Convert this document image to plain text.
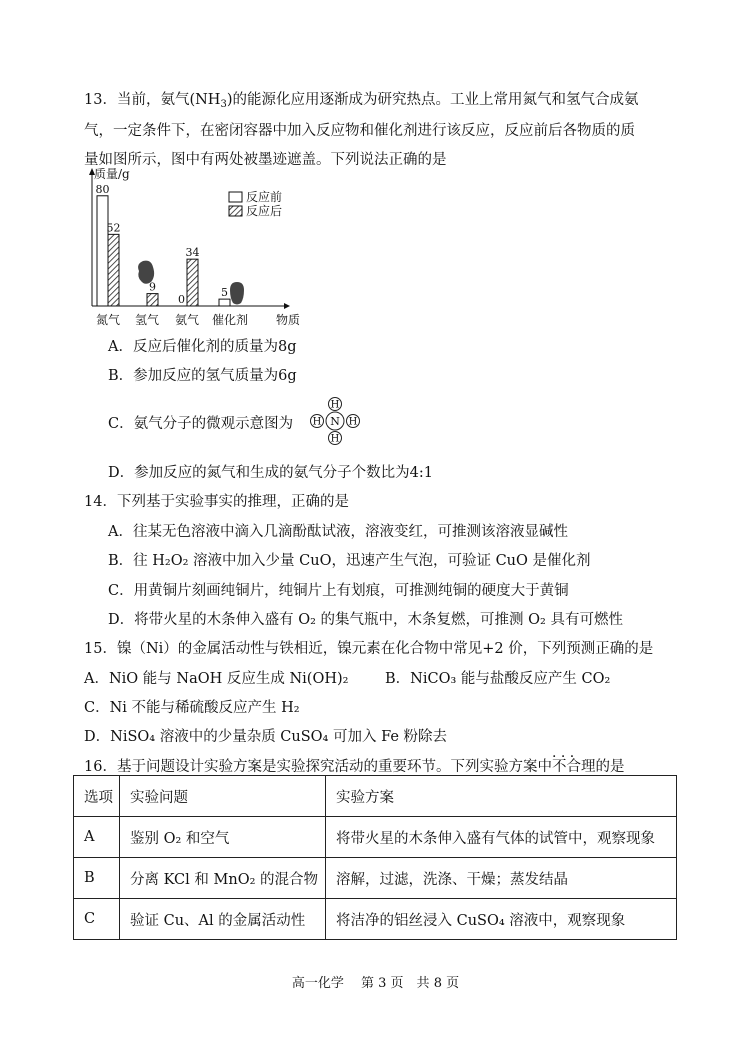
13．当前，氨气$(NH_3)$的能源化应用逐渐成为研究热点。工业上常用氮气和氢气合成氨
气，一定条件下，在密闭容器中加入反应物和催化剂进行该反应，反应前后各物质的质
量如图所示，图中有两处被墨迹遮盖。下列说法正确的是
质量/g
物质
80
52
氮气
9
氢气
0
34
氨气
5
催化剂
反应前
反应后
A．反应后催化剂的质量为8g
B．参加反应的氢气质量为6g
C．氨气分子的微观示意图为
H
H	H
H
N
D．参加反应的氮气和生成的氨气分子个数比为4:1
14．下列基于实验事实的推理，正确的是
A．往某无色溶液中滴入几滴酚酞试液，溶液变红，可推测该溶液显碱性
B．往 H₂O₂ 溶液中加入少量 CuO，迅速产生气泡，可验证 CuO 是催化剂
C．用黄铜片刻画纯铜片，纯铜片上有划痕，可推测纯铜的硬度大于黄铜
D．将带火星的木条伸入盛有 O₂ 的集气瓶中，木条复燃，可推测 O₂ 具有可燃性
15．镍（Ni）的金属活动性与铁相近，镍元素在化合物中常见+2 价，下列预测正确的是
A．NiO 能与 NaOH 反应生成 Ni(OH)₂	B．NiCO₃ 能与盐酸反应产生 CO₂
C．Ni 不能与稀硫酸反应产生 H₂
D．NiSO₄ 溶液中的少量杂质 CuSO₄ 可加入 Fe 粉除去
16．基于问题设计实验方案是实验探究活动的重要环节。下列实验方案中不合理 · · ·的是
选项	实验问题	实验方案
A	鉴别 O₂ 和空气	将带火星的木条伸入盛有气体的试管中，观察现象
B	分离 KCl 和 MnO₂ 的混合物	溶解，过滤，洗涤、干燥；蒸发结晶
C	验证 Cu、Al 的金属活动性	将洁净的铝丝浸入 CuSO₄ 溶液中，观察现象
高一化学　 第 3 页　共 8 页
